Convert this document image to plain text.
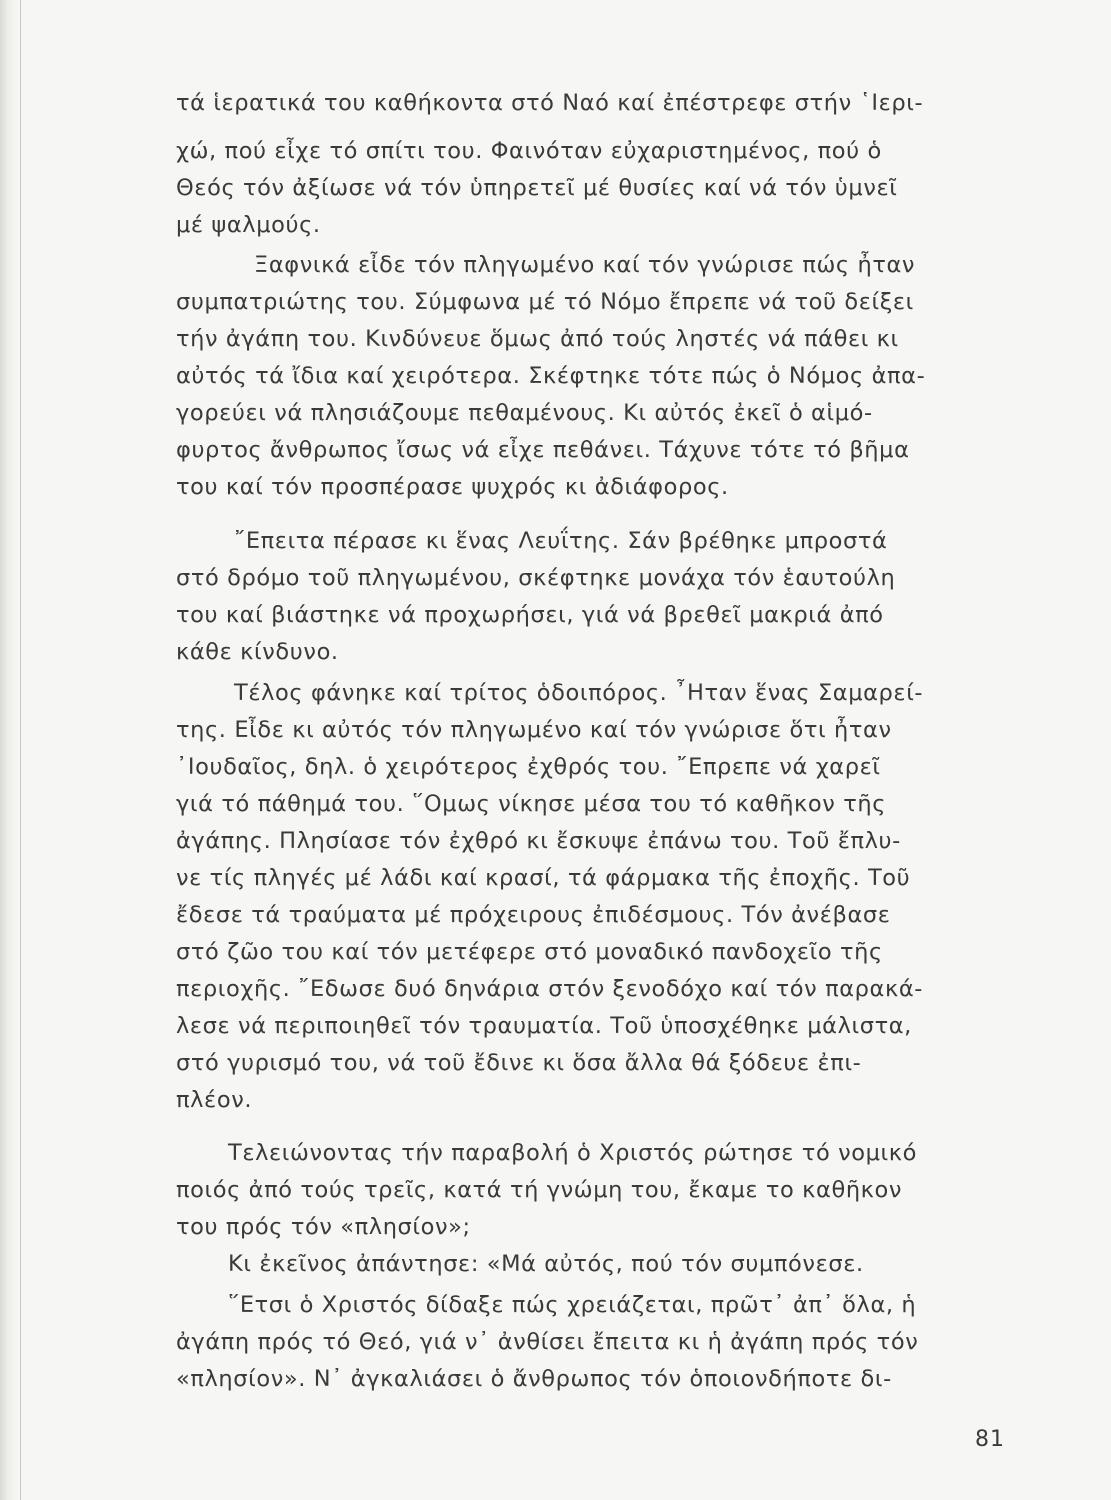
τά ἱερατικά του καθήκοντα στό Ναό καί ἐπέστρεφε στήν ῾Ιερι-
χώ, πού εἶχε τό σπίτι του. Φαινόταν εὐχαριστημένος, πού ὁ
Θεός τόν ἀξίωσε νά τόν ὑπηρετεῖ μέ θυσίες καί νά τόν ὑμνεῖ
μέ ψαλμούς.
Ξαφνικά εἶδε τόν πληγωμένο καί τόν γνώρισε πώς ἦταν
συμπατριώτης του. Σύμφωνα μέ τό Νόμο ἔπρεπε νά τοῦ δείξει
τήν ἀγάπη του. Κινδύνευε ὅμως ἀπό τούς ληστές νά πάθει κι
αὐτός τά ἴδια καί χειρότερα. Σκέφτηκε τότε πώς ὁ Νόμος ἀπα-
γορεύει νά πλησιάζουμε πεθαμένους. Κι αὐτός ἐκεῖ ὁ αἱμό-
φυρτος ἄνθρωπος ἴσως νά εἶχε πεθάνει. Τάχυνε τότε τό βῆμα
του καί τόν προσπέρασε ψυχρός κι ἀδιάφορος.
῎Επειτα πέρασε κι ἕνας Λευΐτης. Σάν βρέθηκε μπροστά
στό δρόμο τοῦ πληγωμένου, σκέφτηκε μονάχα τόν ἑαυτούλη
του καί βιάστηκε νά προχωρήσει, γιά νά βρεθεῖ μακριά ἀπό
κάθε κίνδυνο.
Τέλος φάνηκε καί τρίτος ὁδοιπόρος. ῏Ηταν ἕνας Σαμαρεί-
της. Εἶδε κι αὐτός τόν πληγωμένο καί τόν γνώρισε ὅτι ἦταν
᾿Ιουδαῖος, δηλ. ὁ χειρότερος ἐχθρός του. ῎Επρεπε νά χαρεῖ
γιά τό πάθημά του. ῞Ομως νίκησε μέσα του τό καθῆκον τῆς
ἀγάπης. Πλησίασε τόν ἐχθρό κι ἔσκυψε ἐπάνω του. Τοῦ ἔπλυ-
νε τίς πληγές μέ λάδι καί κρασί, τά φάρμακα τῆς ἐποχῆς. Τοῦ
ἔδεσε τά τραύματα μέ πρόχειρους ἐπιδέσμους. Τόν ἀνέβασε
στό ζῶο του καί τόν μετέφερε στό μοναδικό πανδοχεῖο τῆς
περιοχῆς. ῎Εδωσε δυό δηνάρια στόν ξενοδόχο καί τόν παρακά-
λεσε νά περιποιηθεῖ τόν τραυματία. Τοῦ ὑποσχέθηκε μάλιστα,
στό γυρισμό του, νά τοῦ ἔδινε κι ὅσα ἄλλα θά ξόδευε ἐπι-
πλέον.
Τελειώνοντας τήν παραβολή ὁ Χριστός ρώτησε τό νομικό
ποιός ἀπό τούς τρεῖς, κατά τή γνώμη του, ἔκαμε το καθῆκον
του πρός τόν «πλησίον»;
Κι ἐκεῖνος ἀπάντησε: «Μά αὐτός, πού τόν συμπόνεσε.
῞Ετσι ὁ Χριστός δίδαξε πώς χρειάζεται, πρῶτ᾿ ἀπ᾿ ὅλα, ἡ
ἀγάπη πρός τό Θεό, γιά ν᾿ ἀνθίσει ἔπειτα κι ἡ ἀγάπη πρός τόν
«πλησίον». Ν᾿ ἀγκαλιάσει ὁ ἄνθρωπος τόν ὁποιονδήποτε δι-
81
